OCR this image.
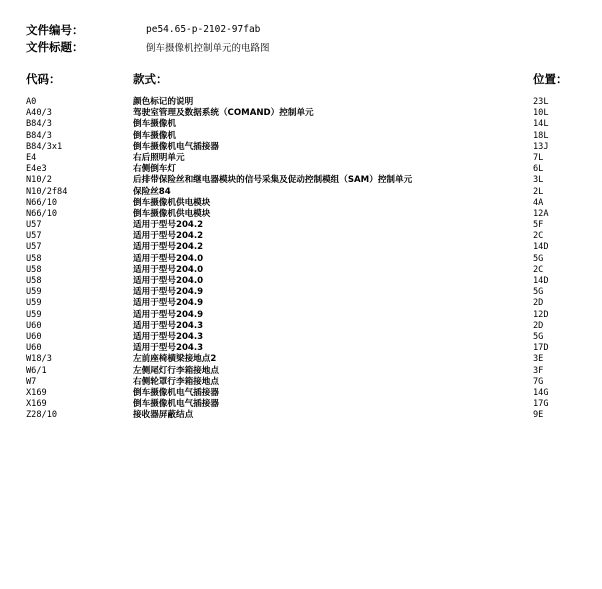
文件编号：	pe54.65-p-2102-97fab
文件标题：	倒车摄像机控制单元的电路图
代码：	款式：	位置：
A0	颜色标记的说明	23L
A40/3	驾驶室管理及数据系统（COMAND）控制单元	10L
B84/3	倒车摄像机	14L
B84/3	倒车摄像机	18L
B84/3x1	倒车摄像机电气插接器	13J
E4	右后照明单元	7L
E4e3	右侧倒车灯	6L
N10/2	后排带保险丝和继电器模块的信号采集及促动控制模组（SAM）控制单元	3L
N10/2f84	保险丝84	2L
N66/10	倒车摄像机供电模块	4A
N66/10	倒车摄像机供电模块	12A
U57	适用于型号204.2	5F
U57	适用于型号204.2	2C
U57	适用于型号204.2	14D
U58	适用于型号204.0	5G
U58	适用于型号204.0	2C
U58	适用于型号204.0	14D
U59	适用于型号204.9	5G
U59	适用于型号204.9	2D
U59	适用于型号204.9	12D
U60	适用于型号204.3	2D
U60	适用于型号204.3	5G
U60	适用于型号204.3	17D
W18/3	左前座椅横梁接地点2	3E
W6/1	左侧尾灯行李箱接地点	3F
W7	右侧轮罩行李箱接地点	7G
X169	倒车摄像机电气插接器	14G
X169	倒车摄像机电气插接器	17G
Z28/10	接收器屏蔽结点	9E
